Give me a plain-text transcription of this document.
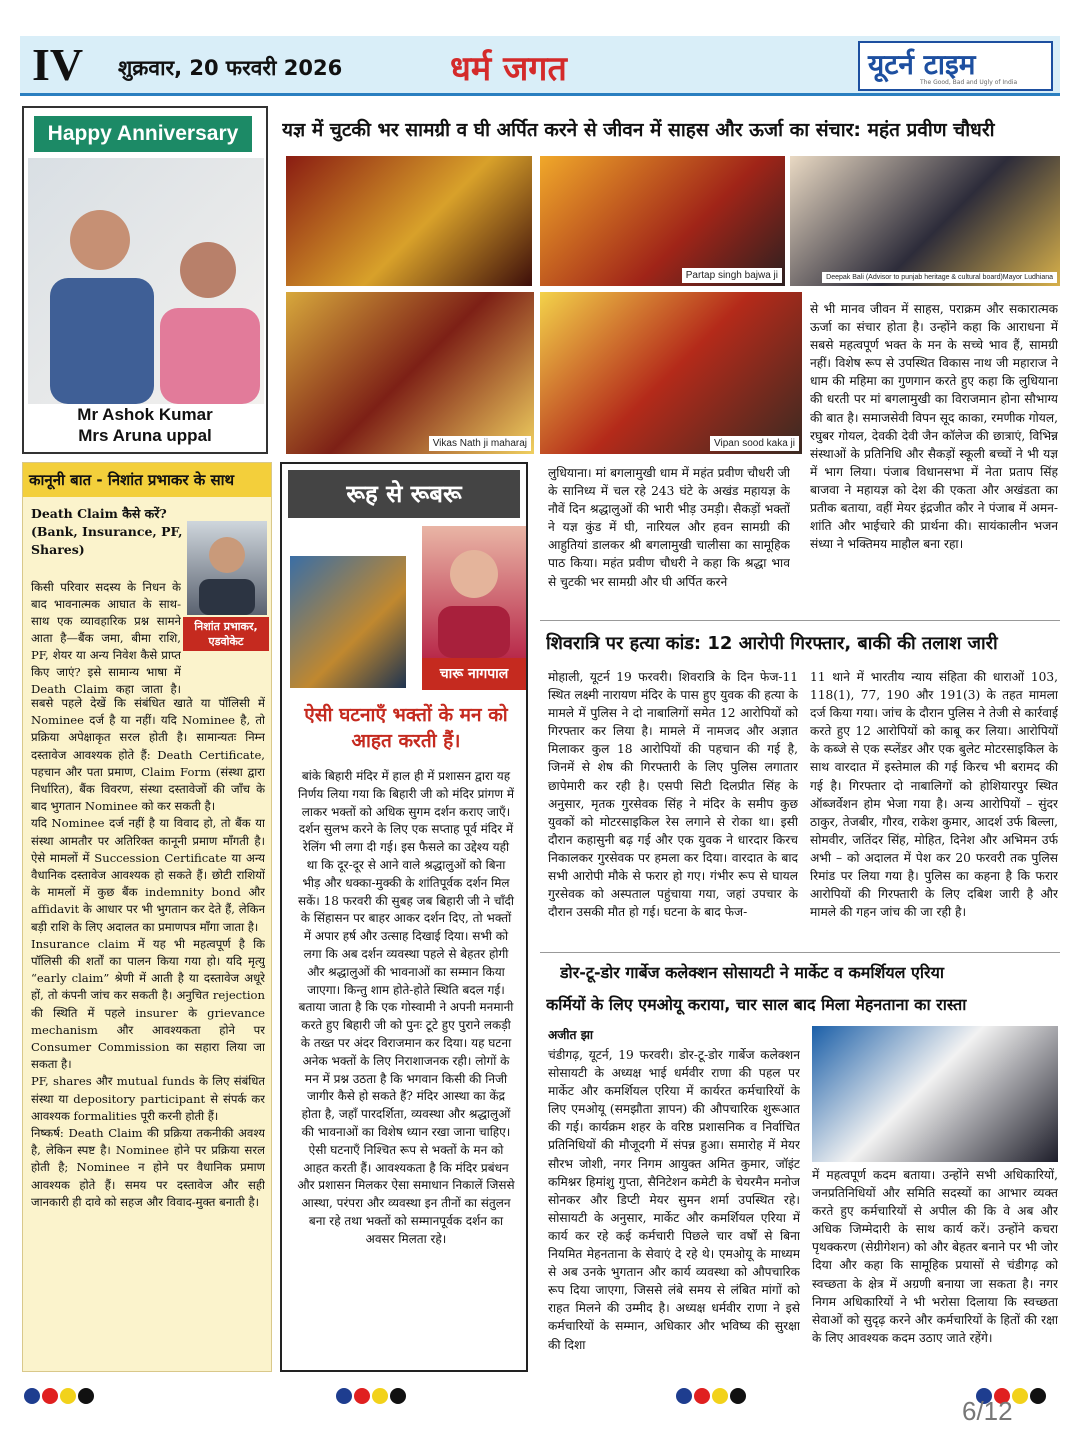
IV शुक्रवार, 20 फरवरी 2026	धर्म जगत	यूटर्न टाइम
The Good, Bad and Ugly of India
Happy Anniversary
Mr Ashok Kumar
Mrs Aruna uppal
यज्ञ में चुटकी भर सामग्री व घी अर्पित करने से जीवन में साहस और ऊर्जा का संचार: महंत प्रवीण चौधरी
Partap singh bajwa ji	Deepak Bali (Advisor to punjab heritage & cultural board)Mayor Ludhiana
Vikas Nath ji maharaj	Vipan sood kaka ji

लुधियाना। मां बगलामुखी धाम में महंत प्रवीण चौधरी जी के सानिध्य में चल रहे 243 घंटे के अखंड महायज्ञ के नौवें दिन श्रद्धालुओं की भारी भीड़ उमड़ी। सैकड़ों भक्तों ने यज्ञ कुंड में घी, नारियल और हवन सामग्री की आहुतियां डालकर श्री बगलामुखी चालीसा का सामूहिक पाठ किया। महंत प्रवीण चौधरी ने कहा कि श्रद्धा भाव से चुटकी भर सामग्री और घी अर्पित करने

से भी मानव जीवन में साहस, पराक्रम और सकारात्मक ऊर्जा का संचार होता है। उन्होंने कहा कि आराधना में सबसे महत्वपूर्ण भक्त के मन के सच्चे भाव हैं, सामग्री नहीं। विशेष रूप से उपस्थित विकास नाथ जी महाराज ने धाम की महिमा का गुणगान करते हुए कहा कि लुधियाना की धरती पर मां बगलामुखी का विराजमान होना सौभाग्य की बात है। समाजसेवी विपन सूद काका, रमणीक गोयल, रघुबर गोयल, देवकी देवी जैन कॉलेज की छात्राएं, विभिन्न संस्थाओं के प्रतिनिधि और सैकड़ों स्कूली बच्चों ने भी यज्ञ में भाग लिया। पंजाब विधानसभा में नेता प्रताप सिंह बाजवा ने महायज्ञ को देश की एकता और अखंडता का प्रतीक बताया, वहीं मेयर इंद्रजीत कौर ने पंजाब में अमन-शांति और भाईचारे की प्रार्थना की। सायंकालीन भजन संध्या ने भक्तिमय माहौल बना रहा।

शिवरात्रि पर हत्या कांड: 12 आरोपी गिरफ्तार, बाकी की तलाश जारी

मोहाली, यूटर्न 19 फरवरी। शिवरात्रि के दिन फेज-11 स्थित लक्ष्मी नारायण मंदिर के पास हुए युवक की हत्या के मामले में पुलिस ने दो नाबालिगों समेत 12 आरोपियों को गिरफ्तार कर लिया है। मामले में नामजद और अज्ञात मिलाकर कुल 18 आरोपियों की पहचान की गई है, जिनमें से शेष की गिरफ्तारी के लिए पुलिस लगातार छापेमारी कर रही है। एसपी सिटी दिलप्रीत सिंह के अनुसार, मृतक गुरसेवक सिंह ने मंदिर के समीप कुछ युवकों को मोटरसाइकिल रेस लगाने से रोका था। इसी दौरान कहासुनी बढ़ गई और एक युवक ने धारदार किरच निकालकर गुरसेवक पर हमला कर दिया। वारदात के बाद सभी आरोपी मौके से फरार हो गए। गंभीर रूप से घायल गुरसेवक को अस्पताल पहुंचाया गया, जहां उपचार के दौरान उसकी मौत हो गई। घटना के बाद फेज-

11 थाने में भारतीय न्याय संहिता की धाराओं 103, 118(1), 77, 190 और 191(3) के तहत मामला दर्ज किया गया। जांच के दौरान पुलिस ने तेजी से कार्रवाई करते हुए 12 आरोपियों को काबू कर लिया। आरोपियों के कब्जे से एक स्प्लेंडर और एक बुलेट मोटरसाइकिल के साथ वारदात में इस्तेमाल की गई किरच भी बरामद की गई है। गिरफ्तार दो नाबालिगों को होशियारपुर स्थित ऑब्जर्वेशन होम भेजा गया है। अन्य आरोपियों – सुंदर ठाकुर, तेजबीर, गौरव, राकेश कुमार, आदर्श उर्फ बिल्ला, सोमवीर, जतिंदर सिंह, मोहित, दिनेश और अभिमन उर्फ अभी – को अदालत में पेश कर 20 फरवरी तक पुलिस रिमांड पर लिया गया है। पुलिस का कहना है कि फरार आरोपियों की गिरफ्तारी के लिए दबिश जारी है और मामले की गहन जांच की जा रही है।

डोर-टू-डोर गार्बेज कलेक्शन सोसायटी ने मार्केट व कमर्शियल एरिया
कर्मियों के लिए एमओयू कराया, चार साल बाद मिला मेहनताना का रास्ता

अजीत झा

चंडीगढ़, यूटर्न, 19 फरवरी। डोर-टू-डोर गार्बेज कलेक्शन सोसायटी के अध्यक्ष भाई धर्मवीर राणा की पहल पर मार्केट और कमर्शियल एरिया में कार्यरत कर्मचारियों के लिए एमओयू (समझौता ज्ञापन) की औपचारिक शुरूआत की गई। कार्यक्रम शहर के वरिष्ठ प्रशासनिक व निर्वाचित प्रतिनिधियों की मौजूदगी में संपन्न हुआ। समारोह में मेयर सौरभ जोशी, नगर निगम आयुक्त अमित कुमार, जॉइंट कमिश्नर हिमांशु गुप्ता, सैनिटेशन कमेटी के चेयरमैन मनोज सोनकर और डिप्टी मेयर सुमन शर्मा उपस्थित रहे। सोसायटी के अनुसार, मार्केट और कमर्शियल एरिया में कार्य कर रहे कई कर्मचारी पिछले चार वर्षों से बिना नियमित मेहनताना के सेवाएं दे रहे थे। एमओयू के माध्यम से अब उनके भुगतान और कार्य व्यवस्था को औपचारिक रूप दिया जाएगा, जिससे लंबे समय से लंबित मांगों को राहत मिलने की उम्मीद है। अध्यक्ष धर्मवीर राणा ने इसे कर्मचारियों के सम्मान, अधिकार और भविष्य की सुरक्षा की दिशा

में महत्वपूर्ण कदम बताया। उन्होंने सभी अधिकारियों, जनप्रतिनिधियों और समिति सदस्यों का आभार व्यक्त करते हुए कर्मचारियों से अपील की कि वे अब और अधिक जिम्मेदारी के साथ कार्य करें। उन्होंने कचरा पृथक्करण (सेग्रीगेशन) को और बेहतर बनाने पर भी जोर दिया और कहा कि सामूहिक प्रयासों से चंडीगढ़ को स्वच्छता के क्षेत्र में अग्रणी बनाया जा सकता है। नगर निगम अधिकारियों ने भी भरोसा दिलाया कि स्वच्छता सेवाओं को सुदृढ़ करने और कर्मचारियों के हितों की रक्षा के लिए आवश्यक कदम उठाए जाते रहेंगे।

कानूनी बात - निशांत प्रभाकर के साथ
Death Claim कैसे करें? (Bank, Insurance, PF, Shares)
निशांत प्रभाकर, एडवोकेट

किसी परिवार सदस्य के निधन के बाद भावनात्मक आघात के साथ-साथ एक व्यावहारिक प्रश्न सामने आता है—बैंक जमा, बीमा राशि, PF, शेयर या अन्य निवेश कैसे प्राप्त किए जाएं? इसे सामान्य भाषा में Death Claim कहा जाता है।

सबसे पहले देखें कि संबंधित खाते या पॉलिसी में Nominee दर्ज है या नहीं। यदि Nominee है, तो प्रक्रिया अपेक्षाकृत सरल होती है। सामान्यतः निम्न दस्तावेज आवश्यक होते हैं: Death Certificate, पहचान और पता प्रमाण, Claim Form (संस्था द्वारा निर्धारित), बैंक विवरण, संस्था दस्तावेजों की जाँच के बाद भुगतान Nominee को कर सकती है।

यदि Nominee दर्ज नहीं है या विवाद हो, तो बैंक या संस्था आमतौर पर अतिरिक्त कानूनी प्रमाण माँगती है। ऐसे मामलों में Succession Certificate या अन्य वैधानिक दस्तावेज आवश्यक हो सकते हैं। छोटी राशियों के मामलों में कुछ बैंक indemnity bond और affidavit के आधार पर भी भुगतान कर देते हैं, लेकिन बड़ी राशि के लिए अदालत का प्रमाणपत्र माँगा जाता है।

Insurance claim में यह भी महत्वपूर्ण है कि पॉलिसी की शर्तों का पालन किया गया हो। यदि मृत्यु “early claim” श्रेणी में आती है या दस्तावेज अधूरे हों, तो कंपनी जांच कर सकती है। अनुचित rejection की स्थिति में पहले insurer के grievance mechanism और आवश्यकता होने पर Consumer Commission का सहारा लिया जा सकता है।

PF, shares और mutual funds के लिए संबंधित संस्था या depository participant से संपर्क कर आवश्यक formalities पूरी करनी होती हैं।

निष्कर्ष: Death Claim की प्रक्रिया तकनीकी अवश्य है, लेकिन स्पष्ट है। Nominee होने पर प्रक्रिया सरल होती है; Nominee न होने पर वैधानिक प्रमाण आवश्यक होते हैं। समय पर दस्तावेज और सही जानकारी ही दावे को सहज और विवाद-मुक्त बनाती है।

रूह से रूबरू
चारू नागपाल
ऐसी घटनाएँ भक्तों के मन को आहत करती हैं।

बांके बिहारी मंदिर में हाल ही में प्रशासन द्वारा यह निर्णय लिया गया कि बिहारी जी को मंदिर प्रांगण में लाकर भक्तों को अधिक सुगम दर्शन कराए जाएँ। दर्शन सुलभ करने के लिए एक सप्ताह पूर्व मंदिर में रेलिंग भी लगा दी गई। इस फैसले का उद्देश्य यही था कि दूर-दूर से आने वाले श्रद्धालुओं को बिना भीड़ और धक्का-मुक्की के शांतिपूर्वक दर्शन मिल सकें। 18 फरवरी की सुबह जब बिहारी जी ने चाँदी के सिंहासन पर बाहर आकर दर्शन दिए, तो भक्तों में अपार हर्ष और उत्साह दिखाई दिया। सभी को लगा कि अब दर्शन व्यवस्था पहले से बेहतर होगी और श्रद्धालुओं की भावनाओं का सम्मान किया जाएगा। किन्तु शाम होते-होते स्थिति बदल गई। बताया जाता है कि एक गोस्वामी ने अपनी मनमानी करते हुए बिहारी जी को पुनः टूटे हुए पुराने लकड़ी के तख्त पर अंदर विराजमान कर दिया। यह घटना अनेक भक्तों के लिए निराशाजनक रही। लोगों के मन में प्रश्न उठता है कि भगवान किसी की निजी जागीर कैसे हो सकते हैं? मंदिर आस्था का केंद्र होता है, जहाँ पारदर्शिता, व्यवस्था और श्रद्धालुओं की भावनाओं का विशेष ध्यान रखा जाना चाहिए। ऐसी घटनाएँ निश्चित रूप से भक्तों के मन को आहत करती हैं। आवश्यकता है कि मंदिर प्रबंधन और प्रशासन मिलकर ऐसा समाधान निकालें जिससे आस्था, परंपरा और व्यवस्था इन तीनों का संतुलन बना रहे तथा भक्तों को सम्मानपूर्वक दर्शन का अवसर मिलता रहे।

6/12
